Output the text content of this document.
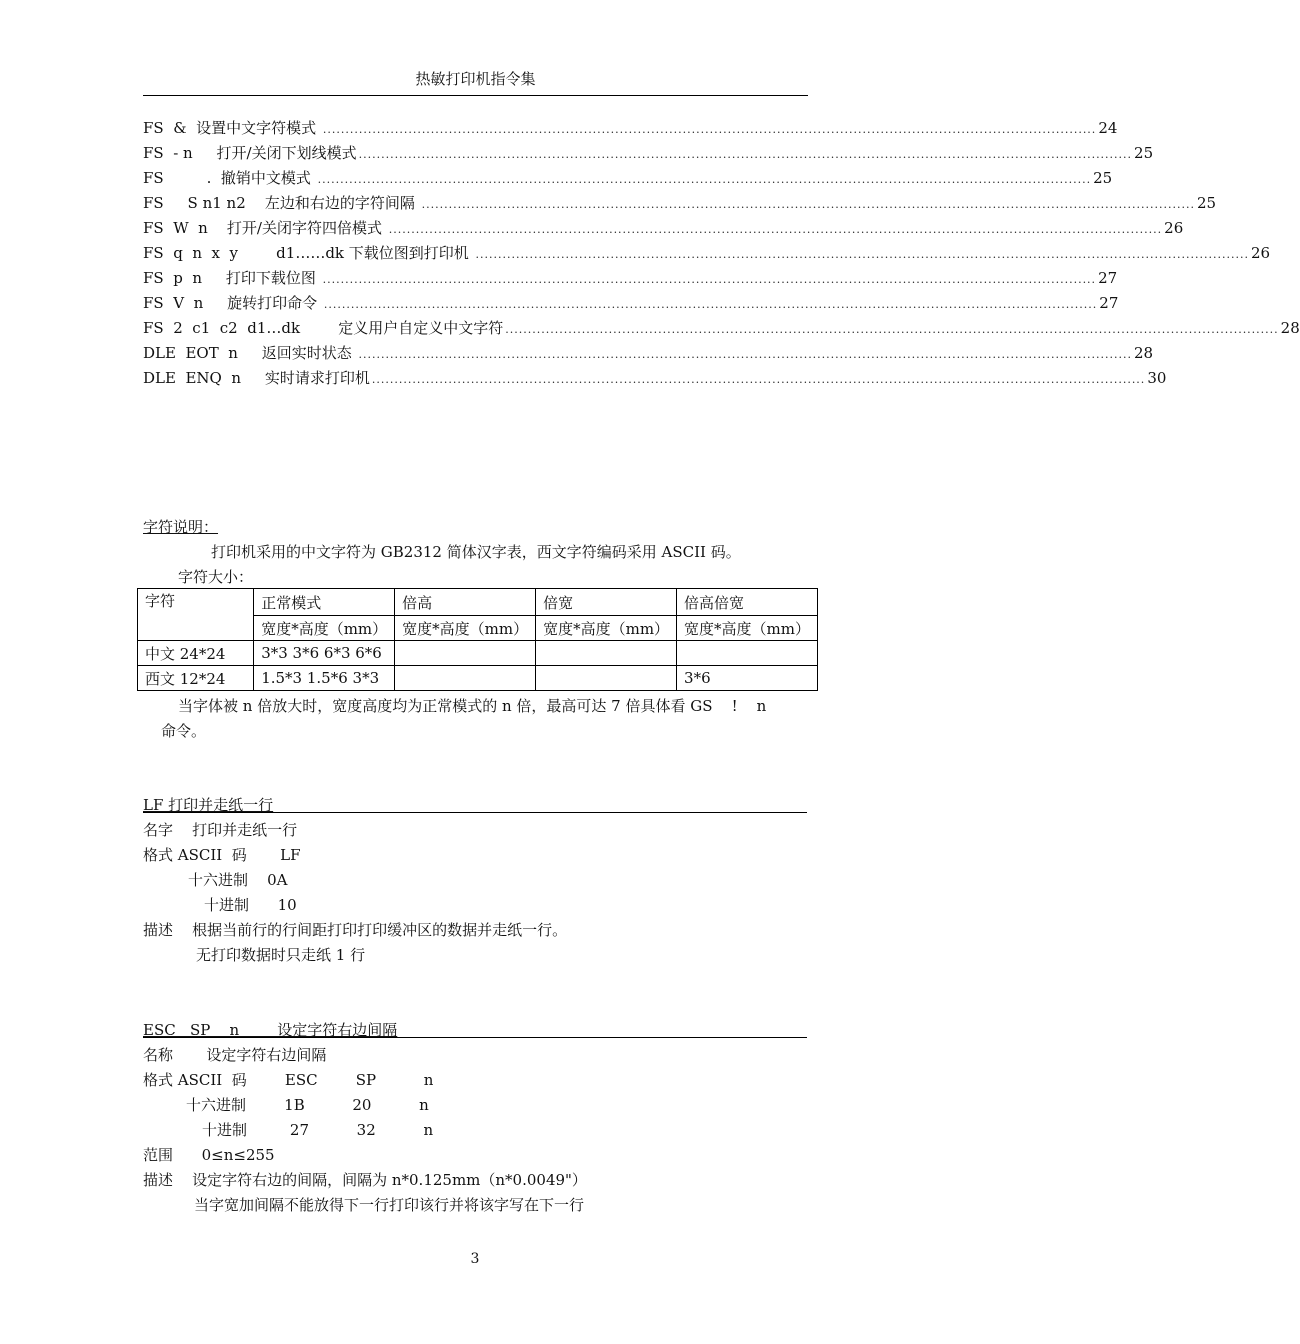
热敏打印机指令集
FS  &  设置中文字符模式 ............................................................................................................................................................................ 24
FS  - n     打开/关闭下划线模式 ............................................................................................................................................................................ 25
FS         .  撤销中文模式 ............................................................................................................................................................................ 25
FS     S n1 n2    左边和右边的字符间隔 ............................................................................................................................................................................ 25
FS  W  n    打开/关闭字符四倍模式 ............................................................................................................................................................................ 26
FS  q  n  x  y        d1……dk 下载位图到打印机 ............................................................................................................................................................................ 26
FS  p  n     打印下载位图 ............................................................................................................................................................................ 27
FS  V  n     旋转打印命令 ............................................................................................................................................................................ 27
FS  2  c1  c2  d1…dk        定义用户自定义中文字符 ............................................................................................................................................................................ 28
DLE  EOT  n     返回实时状态 ............................................................................................................................................................................ 28
DLE  ENQ  n     实时请求打印机 ............................................................................................................................................................................ 30
字符说明：
打印机采用的中文字符为 GB2312 简体汉字表，西文字符编码采用 ASCII 码。
字符大小：
字符	正常模式	倍高	倍宽	倍高倍宽
	宽度*高度（mm）	宽度*高度（mm）	宽度*高度（mm）	宽度*高度（mm）
中文 24*24	3*3 3*6 6*3 6*6			
西文 12*24	1.5*3 1.5*6 3*3			3*6
当字体被 n 倍放大时，宽度高度均为正常模式的 n 倍，最高可达 7 倍具体看 GS    !    n
命令。
LF 打印并走纸一行
名字    打印并走纸一行
格式 ASCII  码       LF
十六进制    0A
十进制      10
描述    根据当前行的行间距打印打印缓冲区的数据并走纸一行。
无打印数据时只走纸 1 行
ESC   SP    n        设定字符右边间隔
名称       设定字符右边间隔
格式 ASCII  码        ESC        SP          n
十六进制        1B          20          n
十进制         27          32          n
范围      0≤n≤255
描述    设定字符右边的间隔，间隔为 n*0.125mm（n*0.0049"）
当字宽加间隔不能放得下一行打印该行并将该字写在下一行
3
